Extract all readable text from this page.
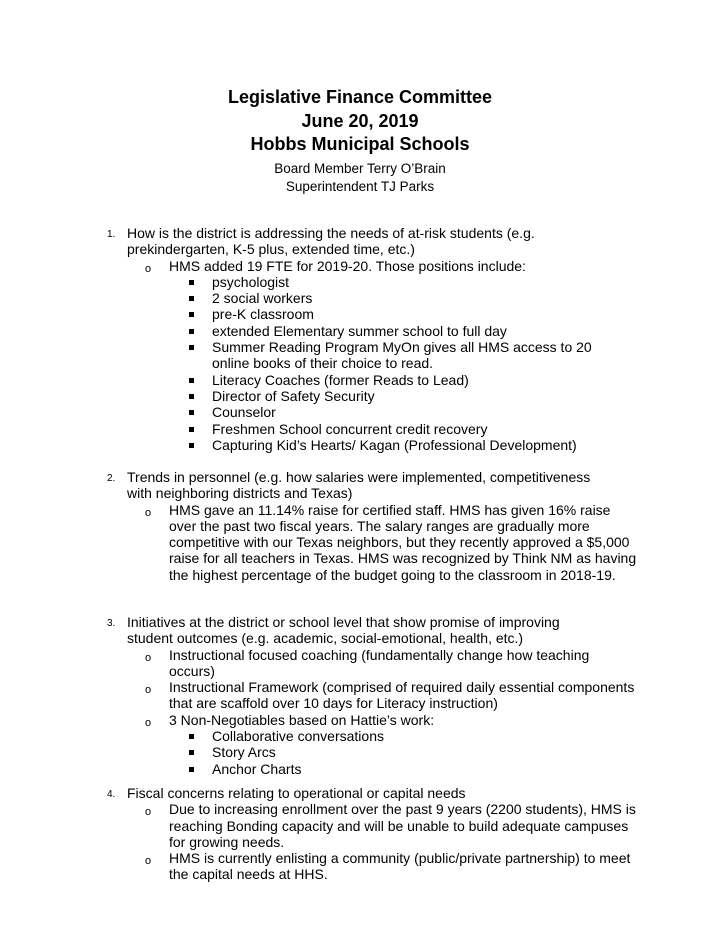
Legislative Finance Committee
June 20, 2019
Hobbs Municipal Schools
Board Member Terry O’Brain
Superintendent TJ Parks
1. How is the district is addressing the needs of at-risk students (e.g. prekindergarten, K-5 plus, extended time, etc.)
o HMS added 19 FTE for 2019-20. Those positions include:
psychologist
2 social workers
pre-K classroom
extended Elementary summer school to full day
Summer Reading Program MyOn gives all HMS access to 20 online books of their choice to read.
Literacy Coaches (former Reads to Lead)
Director of Safety Security
Counselor
Freshmen School concurrent credit recovery
Capturing Kid’s Hearts/ Kagan (Professional Development)
2. Trends in personnel (e.g. how salaries were implemented, competitiveness with neighboring districts and Texas)
o HMS gave an 11.14% raise for certified staff. HMS has given 16% raise over the past two fiscal years. The salary ranges are gradually more competitive with our Texas neighbors, but they recently approved a $5,000 raise for all teachers in Texas. HMS was recognized by Think NM as having the highest percentage of the budget going to the classroom in 2018-19.
3. Initiatives at the district or school level that show promise of improving student outcomes (e.g. academic, social-emotional, health, etc.)
o Instructional focused coaching (fundamentally change how teaching occurs)
o Instructional Framework (comprised of required daily essential components that are scaffold over 10 days for Literacy instruction)
o 3 Non-Negotiables based on Hattie’s work:
Collaborative conversations
Story Arcs
Anchor Charts
4. Fiscal concerns relating to operational or capital needs
o Due to increasing enrollment over the past 9 years (2200 students), HMS is reaching Bonding capacity and will be unable to build adequate campuses for growing needs.
o HMS is currently enlisting a community (public/private partnership) to meet the capital needs at HHS.
